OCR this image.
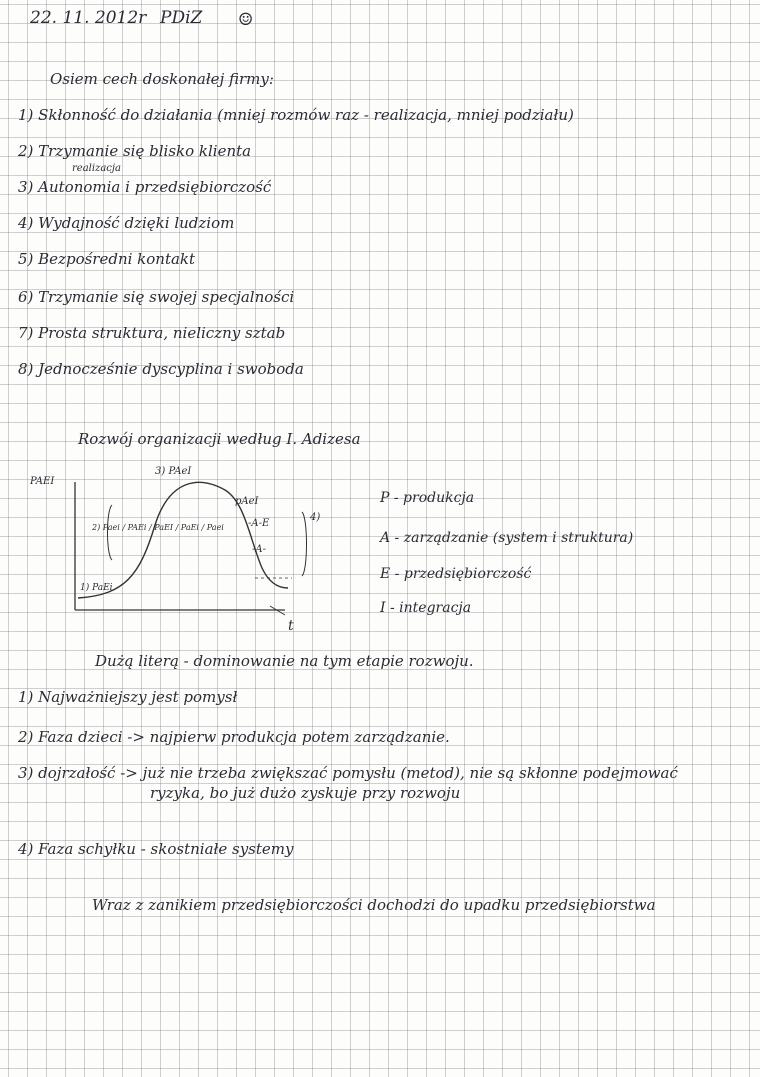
22. 11. 2012r PDiZ ☺
Osiem cech doskonałej firmy:
1) Skłonność do działania (mniej rozmów raz - realizacja, mniej podziału)
2) Trzymanie się blisko klienta
realizacja
3) Autonomia i przedsiębiorczość
4) Wydajność dzięki ludziom
5) Bezpośredni kontakt
6) Trzymanie się swojej specjalności
7) Prosta struktura, nieliczny sztab
8) Jednocześnie dyscyplina i swoboda
Rozwój organizacji według I. Adizesa
PAEI
t
1) PaEi
2) Paei / PAEi / PaEI / PaEi / Paei
3) PAeI
pAeI
-A-E
-A-
4)
P - produkcja
A - zarządzanie (system i struktura)
E - przedsiębiorczość
I - integracja
Dużą literą - dominowanie na tym etapie rozwoju.
1) Najważniejszy jest pomysł
2) Faza dzieci -> najpierw produkcja potem zarządzanie.
3) dojrzałość -> już nie trzeba zwiększać pomysłu (metod), nie są skłonne podejmować
ryzyka, bo już dużo zyskuje przy rozwoju
4) Faza schyłku - skostniałe systemy
Wraz z zanikiem przedsiębiorczości dochodzi do upadku przedsiębiorstwa
